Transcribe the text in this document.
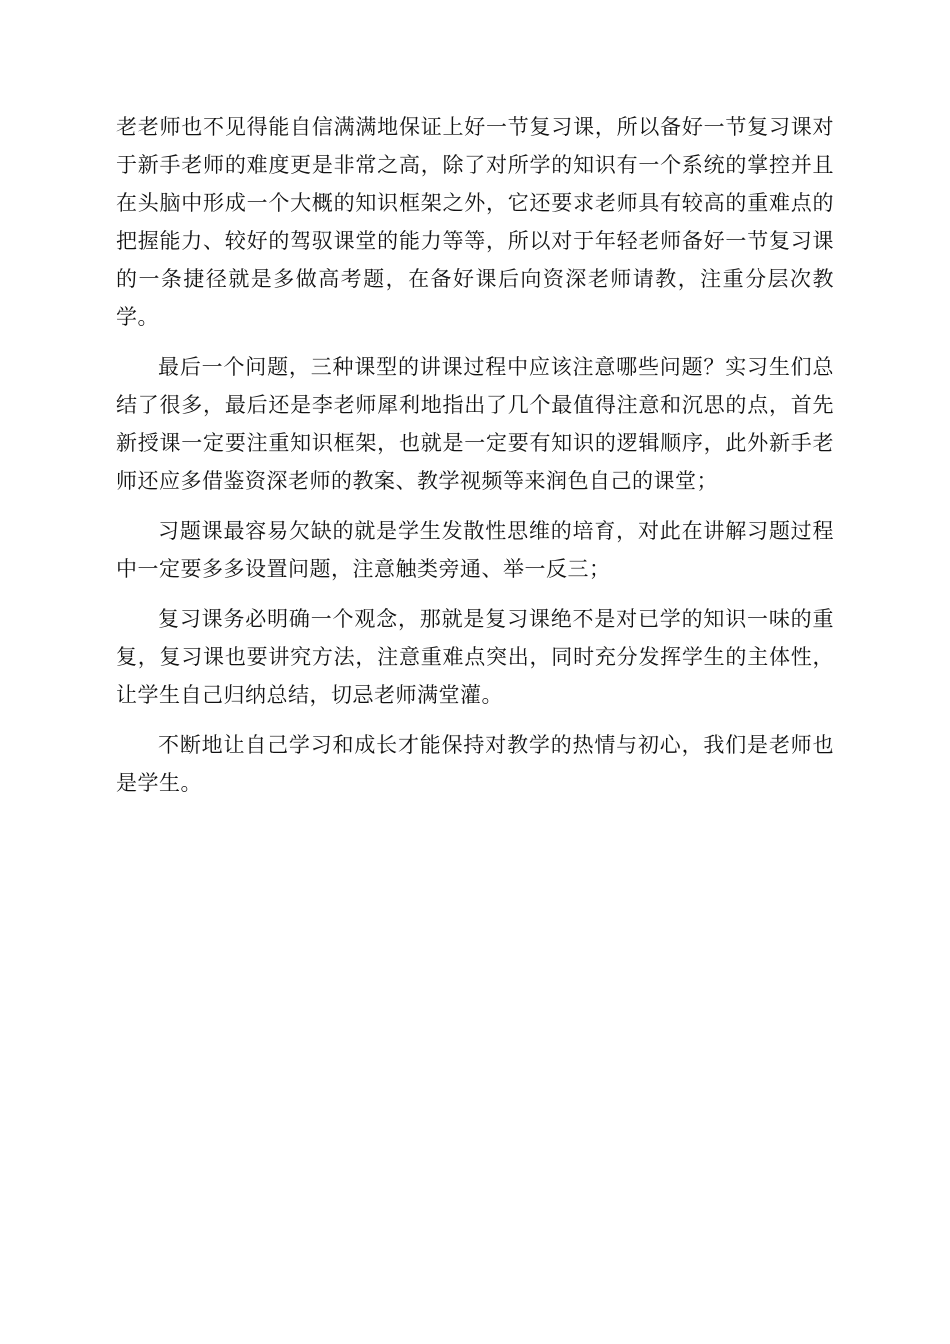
老老师也不见得能自信满满地保证上好一节复习课，所以备好一节复习课对于新手老师的难度更是非常之高，除了对所学的知识有一个系统的掌控并且在头脑中形成一个大概的知识框架之外，它还要求老师具有较高的重难点的把握能力、较好的驾驭课堂的能力等等，所以对于年轻老师备好一节复习课的一条捷径就是多做高考题，在备好课后向资深老师请教，注重分层次教学。

最后一个问题，三种课型的讲课过程中应该注意哪些问题？实习生们总结了很多，最后还是李老师犀利地指出了几个最值得注意和沉思的点，首先新授课一定要注重知识框架，也就是一定要有知识的逻辑顺序，此外新手老师还应多借鉴资深老师的教案、教学视频等来润色自己的课堂；

习题课最容易欠缺的就是学生发散性思维的培育，对此在讲解习题过程中一定要多多设置问题，注意触类旁通、举一反三；

复习课务必明确一个观念，那就是复习课绝不是对已学的知识一味的重复，复习课也要讲究方法，注意重难点突出，同时充分发挥学生的主体性，让学生自己归纳总结，切忌老师满堂灌。

不断地让自己学习和成长才能保持对教学的热情与初心，我们是老师也是学生。
